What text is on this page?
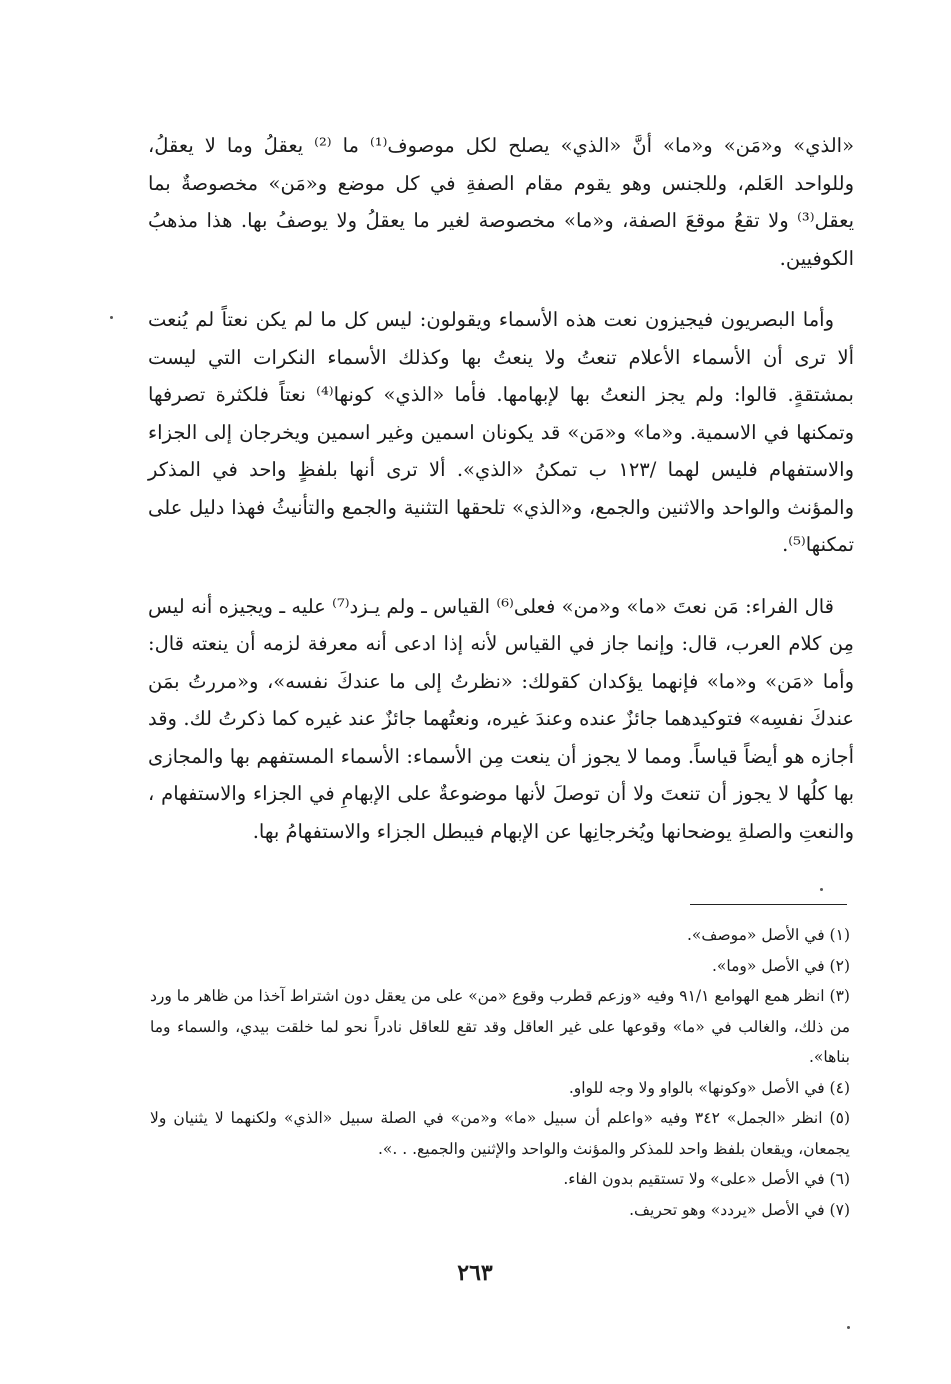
«الذي» و«مَن» و«ما» أنَّ «الذي» يصلح لكل موصوف⁽¹⁾ ما ⁽²⁾ يعقلُ وما لا يعقلُ، وللواحد العَلم، وللجنس وهو يقوم مقام الصفةِ في كل موضع و«مَن» مخصوصةٌ بما يعقل⁽³⁾ ولا تقعُ موقعَ الصفة، و«ما» مخصوصة لغير ما يعقلُ ولا يوصفُ بها. هذا مذهبُ الكوفيين.

وأما البصريون فيجيزون نعت هذه الأسماء ويقولون: ليس كل ما لم يكن نعتاً لم يُنعت ألا ترى أن الأسماء الأعلام تنعتُ ولا ينعتُ بها وكذلك الأسماء النكرات التي ليست بمشتقةٍ. قالوا: ولم يجز النعتُ بها لإبهامها. فأما «الذي» كونها⁽⁴⁾ نعتاً فلكثرة تصرفها وتمكنها في الاسمية. و«ما» و«مَن» قد يكونان اسمين وغير اسمين ويخرجان إلى الجزاء والاستفهام فليس لهما /١٢٣ ب تمكنُ «الذي». ألا ترى أنها بلفظٍ واحد في المذكر والمؤنث والواحد والاثنين والجمع، و«الذي» تلحقها التثنية والجمع والتأنيثُ فهذا دليل على تمكنها⁽⁵⁾.

قال الفراء: مَن نعتَ «ما» و«من» فعلى⁽⁶⁾ القياس ـ ولم يـزد⁽⁷⁾ عليه ـ ويجيزه أنه ليس مِن كلام العرب، قال: وإنما جاز في القياس لأنه إذا ادعى أنه معرفة لزمه أن ينعته قال: وأما «مَن» و«ما» فإنهما يؤكدان كقولك: «نظرتُ إلى ما عندكَ نفسه»، و«مررتُ بمَن عندكَ نفسِه» فتوكيدهما جائزٌ عنده وعندَ غيره، ونعتُهما جائزٌ عند غيره كما ذكرتُ لك. وقد أجازه هو أيضاً قياساً. ومما لا يجوز أن ينعت مِن الأسماء: الأسماء المستفهم بها والمجازى بها كلُها لا يجوز أن تنعتَ ولا أن توصلَ لأنها موضوعةٌ على الإبهامِ في الجزاء والاستفهام ، والنعتِ والصلةِ يوضحانها ويُخرجانِها عن الإبهام فيبطل الجزاء والاستفهامُ بها.

(١) في الأصل «موصف».

(٢) في الأصل «وما».

(٣) انظر همع الهوامع ٩١/١ وفيه «وزعم قطرب وقوع «من» على من يعقل دون اشتراط آخذا من ظاهر ما ورد من ذلك، والغالب في «ما» وقوعها على غير العاقل وقد تقع للعاقل نادراً نحو لما خلقت بيدي، والسماء وما بناها».

(٤) في الأصل «وكونها» بالواو ولا وجه للواو.

(٥) انظر «الجمل» ٣٤٢ وفيه «واعلم أن سبيل «ما» و«من» في الصلة سبيل «الذي» ولكنهما لا يثنيان ولا يجمعان، ويقعان بلفظ واحد للمذكر والمؤنث والواحد والإثنين والجميع. . .».

(٦) في الأصل «على» ولا تستقيم بدون الفاء.

(٧) في الأصل «يردد» وهو تحريف.

٢٦٣
